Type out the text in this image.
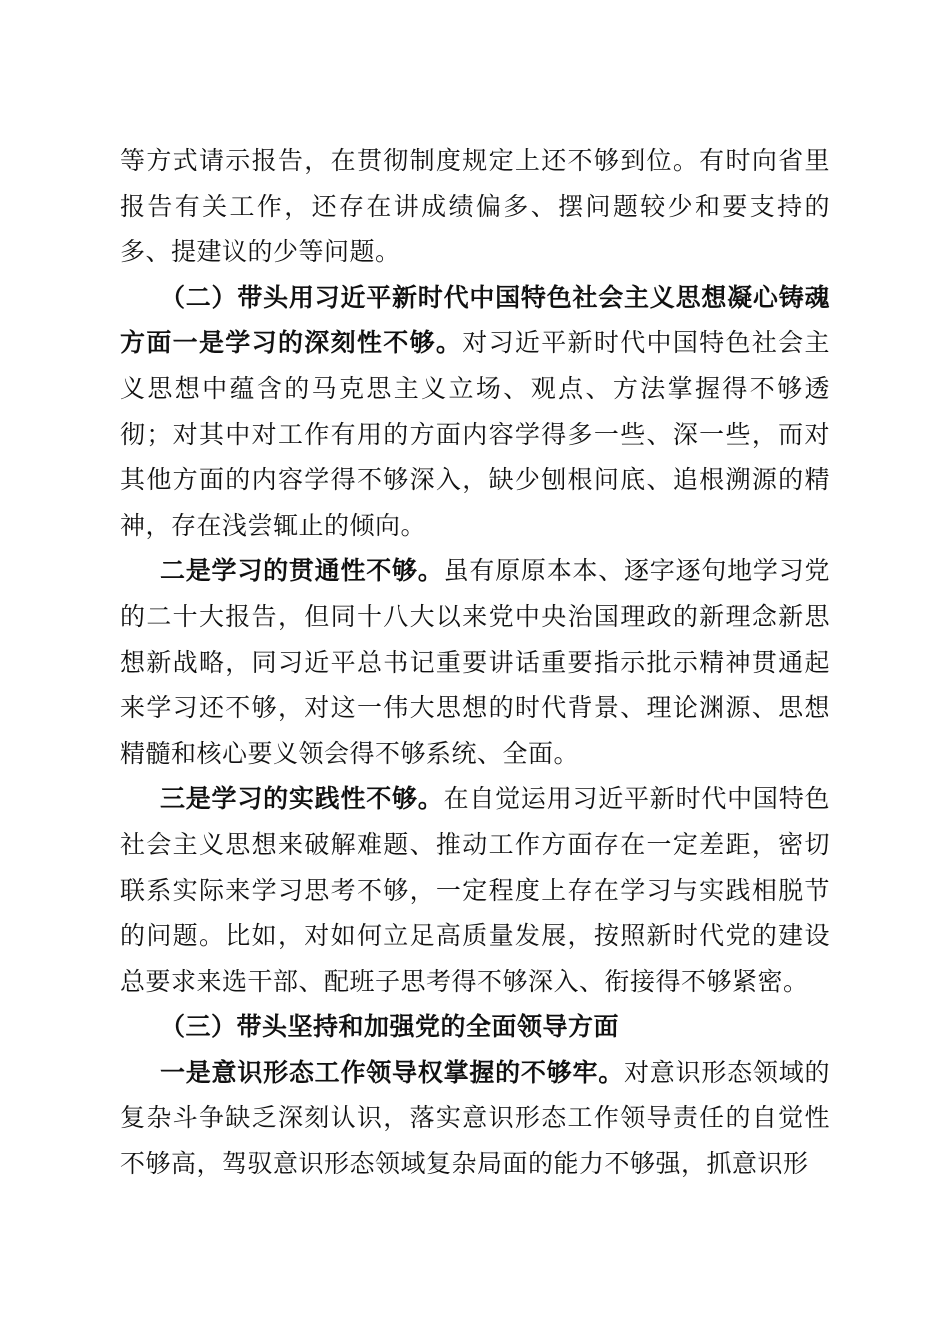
等方式请示报告，在贯彻制度规定上还不够到位。有时向省里报告有关工作，还存在讲成绩偏多、摆问题较少和要支持的多、提建议的少等问题。

（二）带头用习近平新时代中国特色社会主义思想凝心铸魂方面一是学习的深刻性不够。对习近平新时代中国特色社会主义思想中蕴含的马克思主义立场、观点、方法掌握得不够透彻；对其中对工作有用的方面内容学得多一些、深一些，而对其他方面的内容学得不够深入，缺少刨根问底、追根溯源的精神，存在浅尝辄止的倾向。

二是学习的贯通性不够。虽有原原本本、逐字逐句地学习党的二十大报告，但同十八大以来党中央治国理政的新理念新思想新战略，同习近平总书记重要讲话重要指示批示精神贯通起来学习还不够，对这一伟大思想的时代背景、理论渊源、思想精髓和核心要义领会得不够系统、全面。

三是学习的实践性不够。在自觉运用习近平新时代中国特色社会主义思想来破解难题、推动工作方面存在一定差距，密切联系实际来学习思考不够，一定程度上存在学习与实践相脱节的问题。比如，对如何立足高质量发展，按照新时代党的建设总要求来选干部、配班子思考得不够深入、衔接得不够紧密。

（三）带头坚持和加强党的全面领导方面

一是意识形态工作领导权掌握的不够牢。对意识形态领域的复杂斗争缺乏深刻认识，落实意识形态工作领导责任的自觉性不够高，驾驭意识形态领域复杂局面的能力不够强，抓意识形
